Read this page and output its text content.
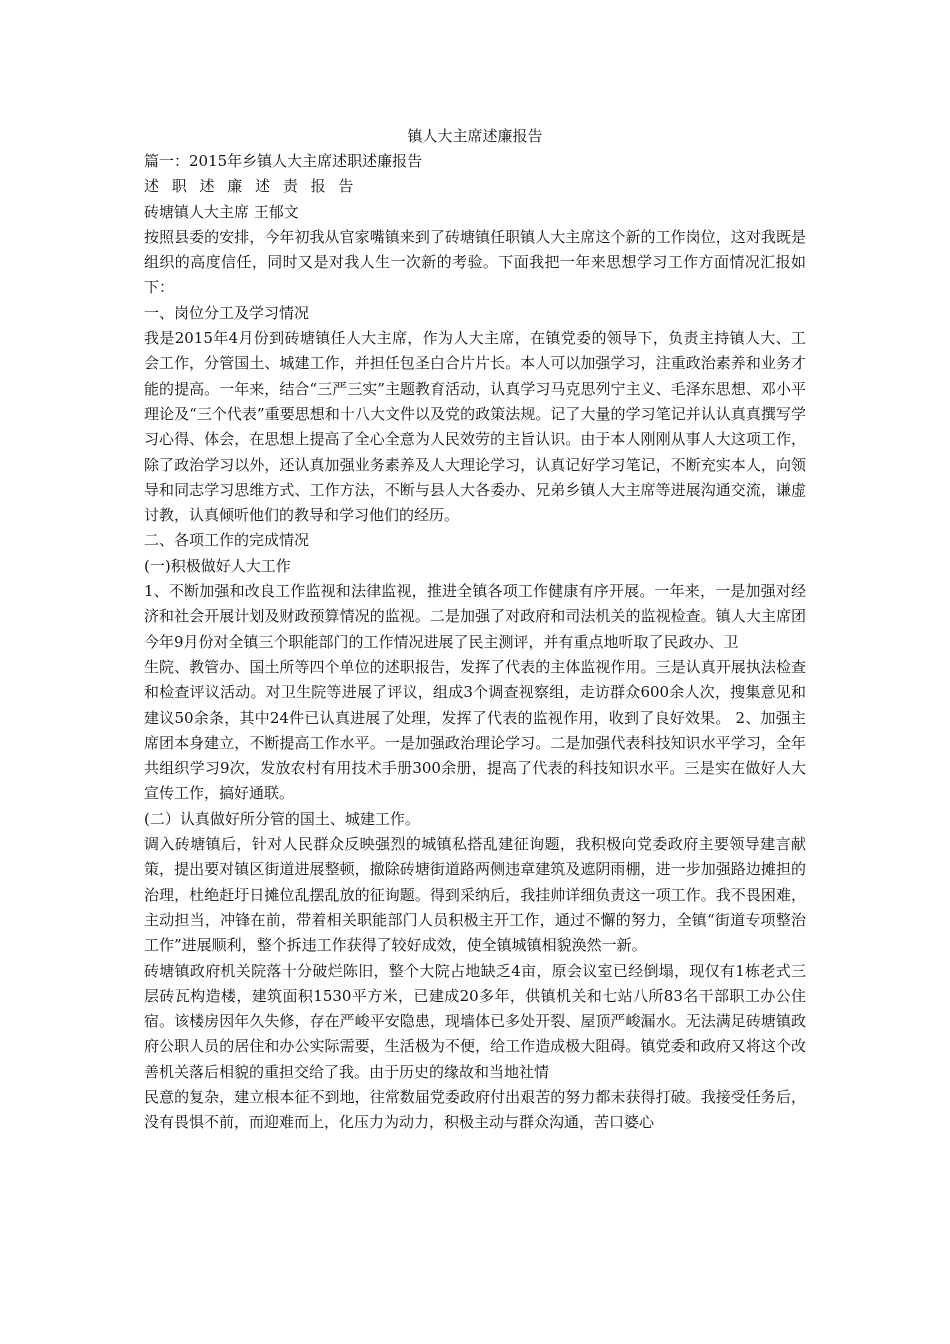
镇人大主席述廉报告

篇一：2015年乡镇人大主席述职述廉报告

述 职 述 廉 述 责 报 告

砖塘镇人大主席 王郁文

按照县委的安排，今年初我从官家嘴镇来到了砖塘镇任职镇人大主席这个新的工作岗位，这对我既是组织的高度信任，同时又是对我人生一次新的考验。下面我把一年来思想学习工作方面情况汇报如下：

一、岗位分工及学习情况

我是2015年4月份到砖塘镇任人大主席，作为人大主席，在镇党委的领导下，负责主持镇人大、工会工作，分管国土、城建工作，并担任包圣白合片片长。本人可以加强学习，注重政治素养和业务才能的提高。一年来，结合“三严三实”主题教育活动，认真学习马克思列宁主义、毛泽东思想、邓小平理论及“三个代表”重要思想和十八大文件以及党的政策法规。记了大量的学习笔记并认认真真撰写学习心得、体会，在思想上提高了全心全意为人民效劳的主旨认识。由于本人刚刚从事人大这项工作，除了政治学习以外，还认真加强业务素养及人大理论学习，认真记好学习笔记，不断充实本人，向领导和同志学习思维方式、工作方法，不断与县人大各委办、兄弟乡镇人大主席等进展沟通交流，谦虚讨教，认真倾听他们的教导和学习他们的经历。

二、各项工作的完成情况

(一)积极做好人大工作

1、不断加强和改良工作监视和法律监视，推进全镇各项工作健康有序开展。一年来，一是加强对经济和社会开展计划及财政预算情况的监视。二是加强了对政府和司法机关的监视检查。镇人大主席团今年9月份对全镇三个职能部门的工作情况进展了民主测评，并有重点地听取了民政办、卫

生院、教管办、国土所等四个单位的述职报告，发挥了代表的主体监视作用。三是认真开展执法检查和检查评议活动。对卫生院等进展了评议，组成3个调查视察组，走访群众600余人次，搜集意见和建议50余条，其中24件已认真进展了处理，发挥了代表的监视作用，收到了良好效果。 2、加强主席团本身建立，不断提高工作水平。一是加强政治理论学习。二是加强代表科技知识水平学习，全年共组织学习9次，发放农村有用技术手册300余册，提高了代表的科技知识水平。三是实在做好人大宣传工作，搞好通联。

(二）认真做好所分管的国土、城建工作。

调入砖塘镇后，针对人民群众反映强烈的城镇私搭乱建征询题，我积极向党委政府主要领导建言献策，提出要对镇区街道进展整顿，撤除砖塘街道路两侧违章建筑及遮阴雨棚，进一步加强路边摊担的治理，杜绝赶圩日摊位乱摆乱放的征询题。得到采纳后，我挂帅详细负责这一项工作。我不畏困难，主动担当，冲锋在前，带着相关职能部门人员积极主开工作，通过不懈的努力，全镇“街道专项整治工作”进展顺利，整个拆违工作获得了较好成效，使全镇城镇相貌涣然一新。

砖塘镇政府机关院落十分破烂陈旧，整个大院占地缺乏4亩，原会议室已经倒塌，现仅有1栋老式三层砖瓦构造楼，建筑面积1530平方米，已建成20多年，供镇机关和七站八所83名干部职工办公住宿。该楼房因年久失修，存在严峻平安隐患，现墙体已多处开裂、屋顶严峻漏水。无法满足砖塘镇政府公职人员的居住和办公实际需要，生活极为不便，给工作造成极大阻碍。镇党委和政府又将这个改善机关落后相貌的重担交给了我。由于历史的缘故和当地社情

民意的复杂，建立根本征不到地，往常数届党委政府付出艰苦的努力都未获得打破。我接受任务后，没有畏惧不前，而迎难而上，化压力为动力，积极主动与群众沟通，苦口婆心
